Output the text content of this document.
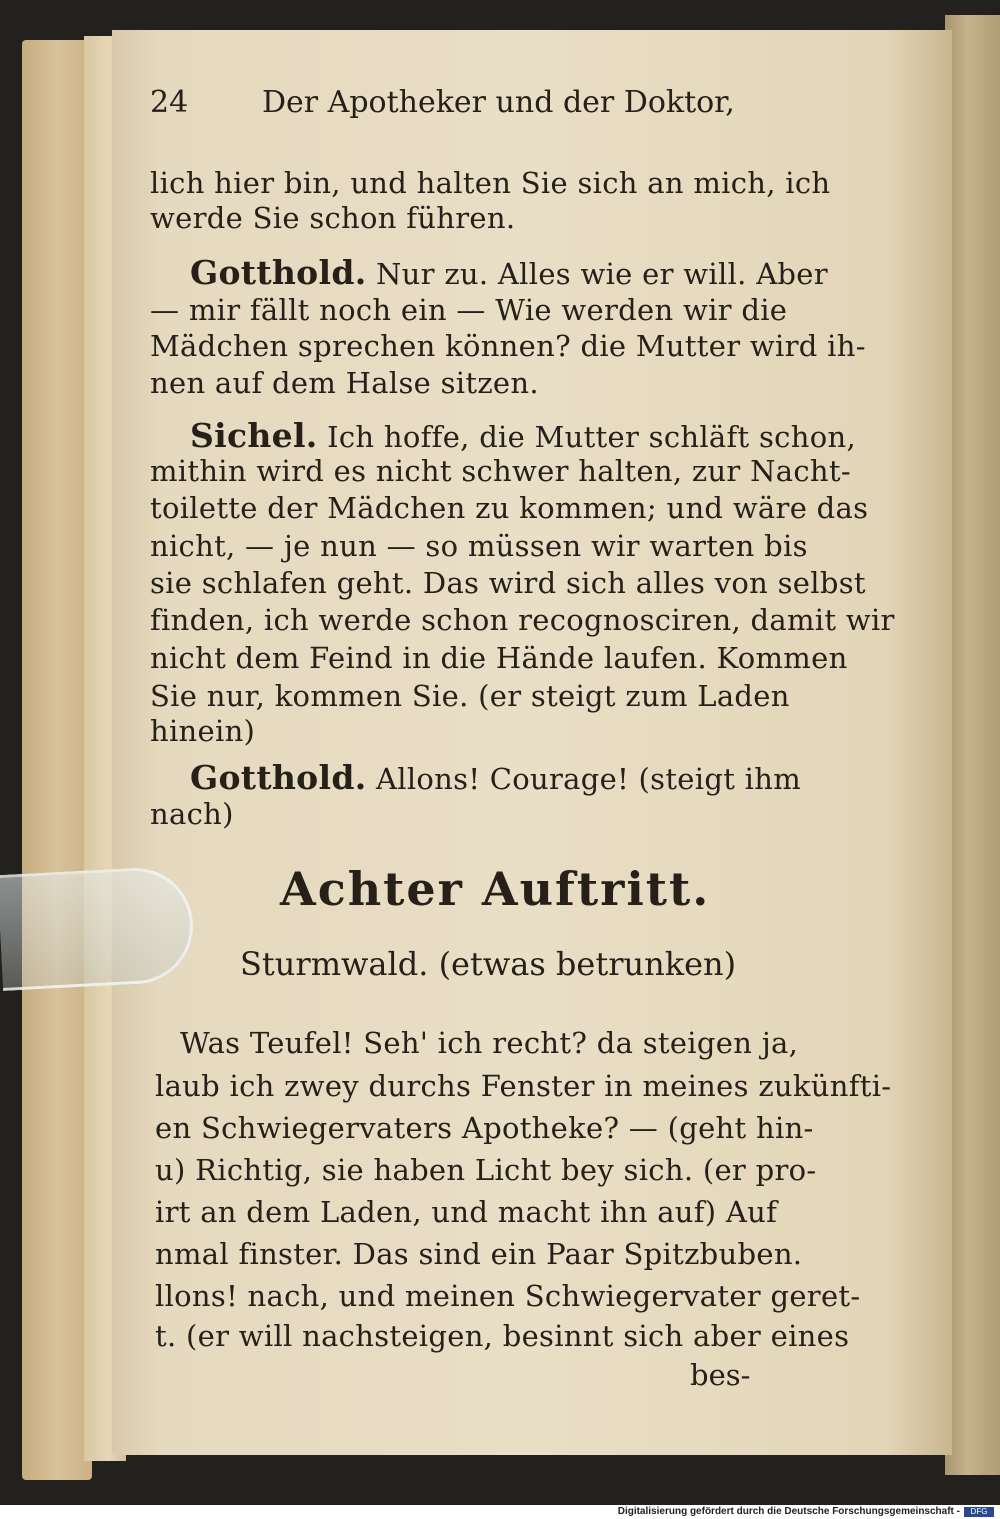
24 Der Apotheker und der Doktor,
lich hier bin, und halten Sie sich an mich, ich
werde Sie schon führen.
Gotthold. Nur zu. Alles wie er will. Aber
— mir fällt noch ein — Wie werden wir die
Mädchen sprechen können? die Mutter wird ih-
nen auf dem Halse sitzen.
Sichel. Ich hoffe, die Mutter schläft schon,
mithin wird es nicht schwer halten, zur Nacht-
toilette der Mädchen zu kommen; und wäre das
nicht, — je nun — so müssen wir warten bis
sie schlafen geht. Das wird sich alles von selbst
finden, ich werde schon recognosciren, damit wir
nicht dem Feind in die Hände laufen. Kommen
Sie nur, kommen Sie. (er steigt zum Laden
hinein)
Gotthold. Allons! Courage! (steigt ihm
nach)
Achter Auftritt.
Sturmwald. (etwas betrunken)
Was Teufel! Seh' ich recht? da steigen ja,
laub ich zwey durchs Fenster in meines zukünfti-
en Schwiegervaters Apotheke? — (geht hin-
u) Richtig, sie haben Licht bey sich. (er pro-
irt an dem Laden, und macht ihn auf) Auf
nmal finster. Das sind ein Paar Spitzbuben.
llons! nach, und meinen Schwiegervater geret-
t. (er will nachsteigen, besinnt sich aber eines
bes-
Digitalisierung gefördert durch die Deutsche Forschungsgemeinschaft -	DFG
